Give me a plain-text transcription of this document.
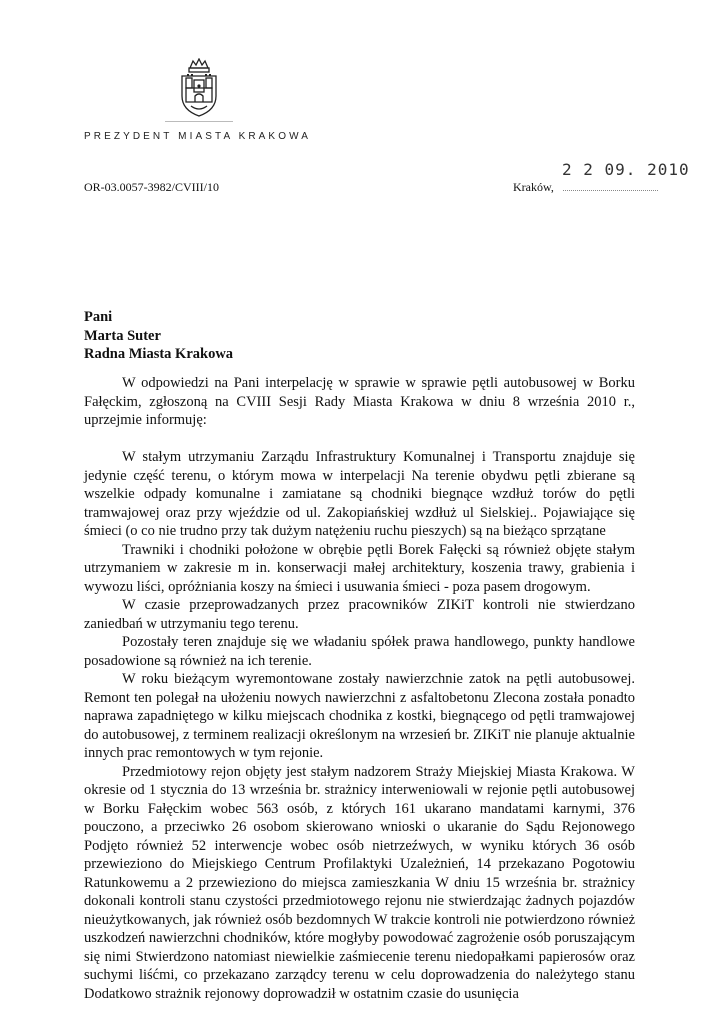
PREZYDENT MIASTA KRAKOWA
OR-03.0057-3982/CVIII/10	Kraków,
2 2 09. 2010
Pani
Marta Suter
Radna Miasta Krakowa

W odpowiedzi na Pani interpelację w sprawie w sprawie pętli autobusowej w Borku Fałęckim, zgłoszoną na CVIII Sesji Rady Miasta Krakowa w dniu 8 września 2010 r., uprzejmie informuję:

W stałym utrzymaniu Zarządu Infrastruktury Komunalnej i Transportu znajduje się jedynie część terenu, o którym mowa w interpelacji Na terenie obydwu pętli zbierane są wszelkie odpady komunalne i zamiatane są chodniki biegnące wzdłuż torów do pętli tramwajowej oraz przy wjeździe od ul. Zakopiańskiej wzdłuż ul Sielskiej.. Pojawiające się śmieci (o co nie trudno przy tak dużym natężeniu ruchu pieszych) są na bieżąco sprzątane

Trawniki i chodniki położone w obrębie pętli Borek Fałęcki są również objęte stałym utrzymaniem w zakresie m in. konserwacji małej architektury, koszenia trawy, grabienia i wywozu liści, opróżniania koszy na śmieci i usuwania śmieci - poza pasem drogowym.

W czasie przeprowadzanych przez pracowników ZIKiT kontroli nie stwierdzano zaniedbań w utrzymaniu tego terenu.

Pozostały teren znajduje się we władaniu spółek prawa handlowego, punkty handlowe posadowione są również na ich terenie.

W roku bieżącym wyremontowane zostały nawierzchnie zatok na pętli autobusowej. Remont ten polegał na ułożeniu nowych nawierzchni z asfaltobetonu Zlecona została ponadto naprawa zapadniętego w kilku miejscach chodnika z kostki, biegnącego od pętli tramwajowej do autobusowej, z terminem realizacji określonym na wrzesień br. ZIKiT nie planuje aktualnie innych prac remontowych w tym rejonie.

Przedmiotowy rejon objęty jest stałym nadzorem Straży Miejskiej Miasta Krakowa. W okresie od 1 stycznia do 13 września br. strażnicy interweniowali w rejonie pętli autobusowej w Borku Fałęckim wobec 563 osób, z których 161 ukarano mandatami karnymi, 376 pouczono, a przeciwko 26 osobom skierowano wnioski o ukaranie do Sądu Rejonowego Podjęto również 52 interwencje wobec osób nietrzeźwych, w wyniku których 36 osób przewieziono do Miejskiego Centrum Profilaktyki Uzależnień, 14 przekazano Pogotowiu Ratunkowemu a 2 przewieziono do miejsca zamieszkania W dniu 15 września br. strażnicy dokonali kontroli stanu czystości przedmiotowego rejonu nie stwierdzając żadnych pojazdów nieużytkowanych, jak również osób bezdomnych W trakcie kontroli nie potwierdzono również uszkodzeń nawierzchni chodników, które mogłyby powodować zagrożenie osób poruszającym się nimi Stwierdzono natomiast niewielkie zaśmiecenie terenu niedopałkami papierosów oraz suchymi liśćmi, co przekazano zarządcy terenu w celu doprowadzenia do należytego stanu Dodatkowo strażnik rejonowy doprowadził w ostatnim czasie do usunięcia
